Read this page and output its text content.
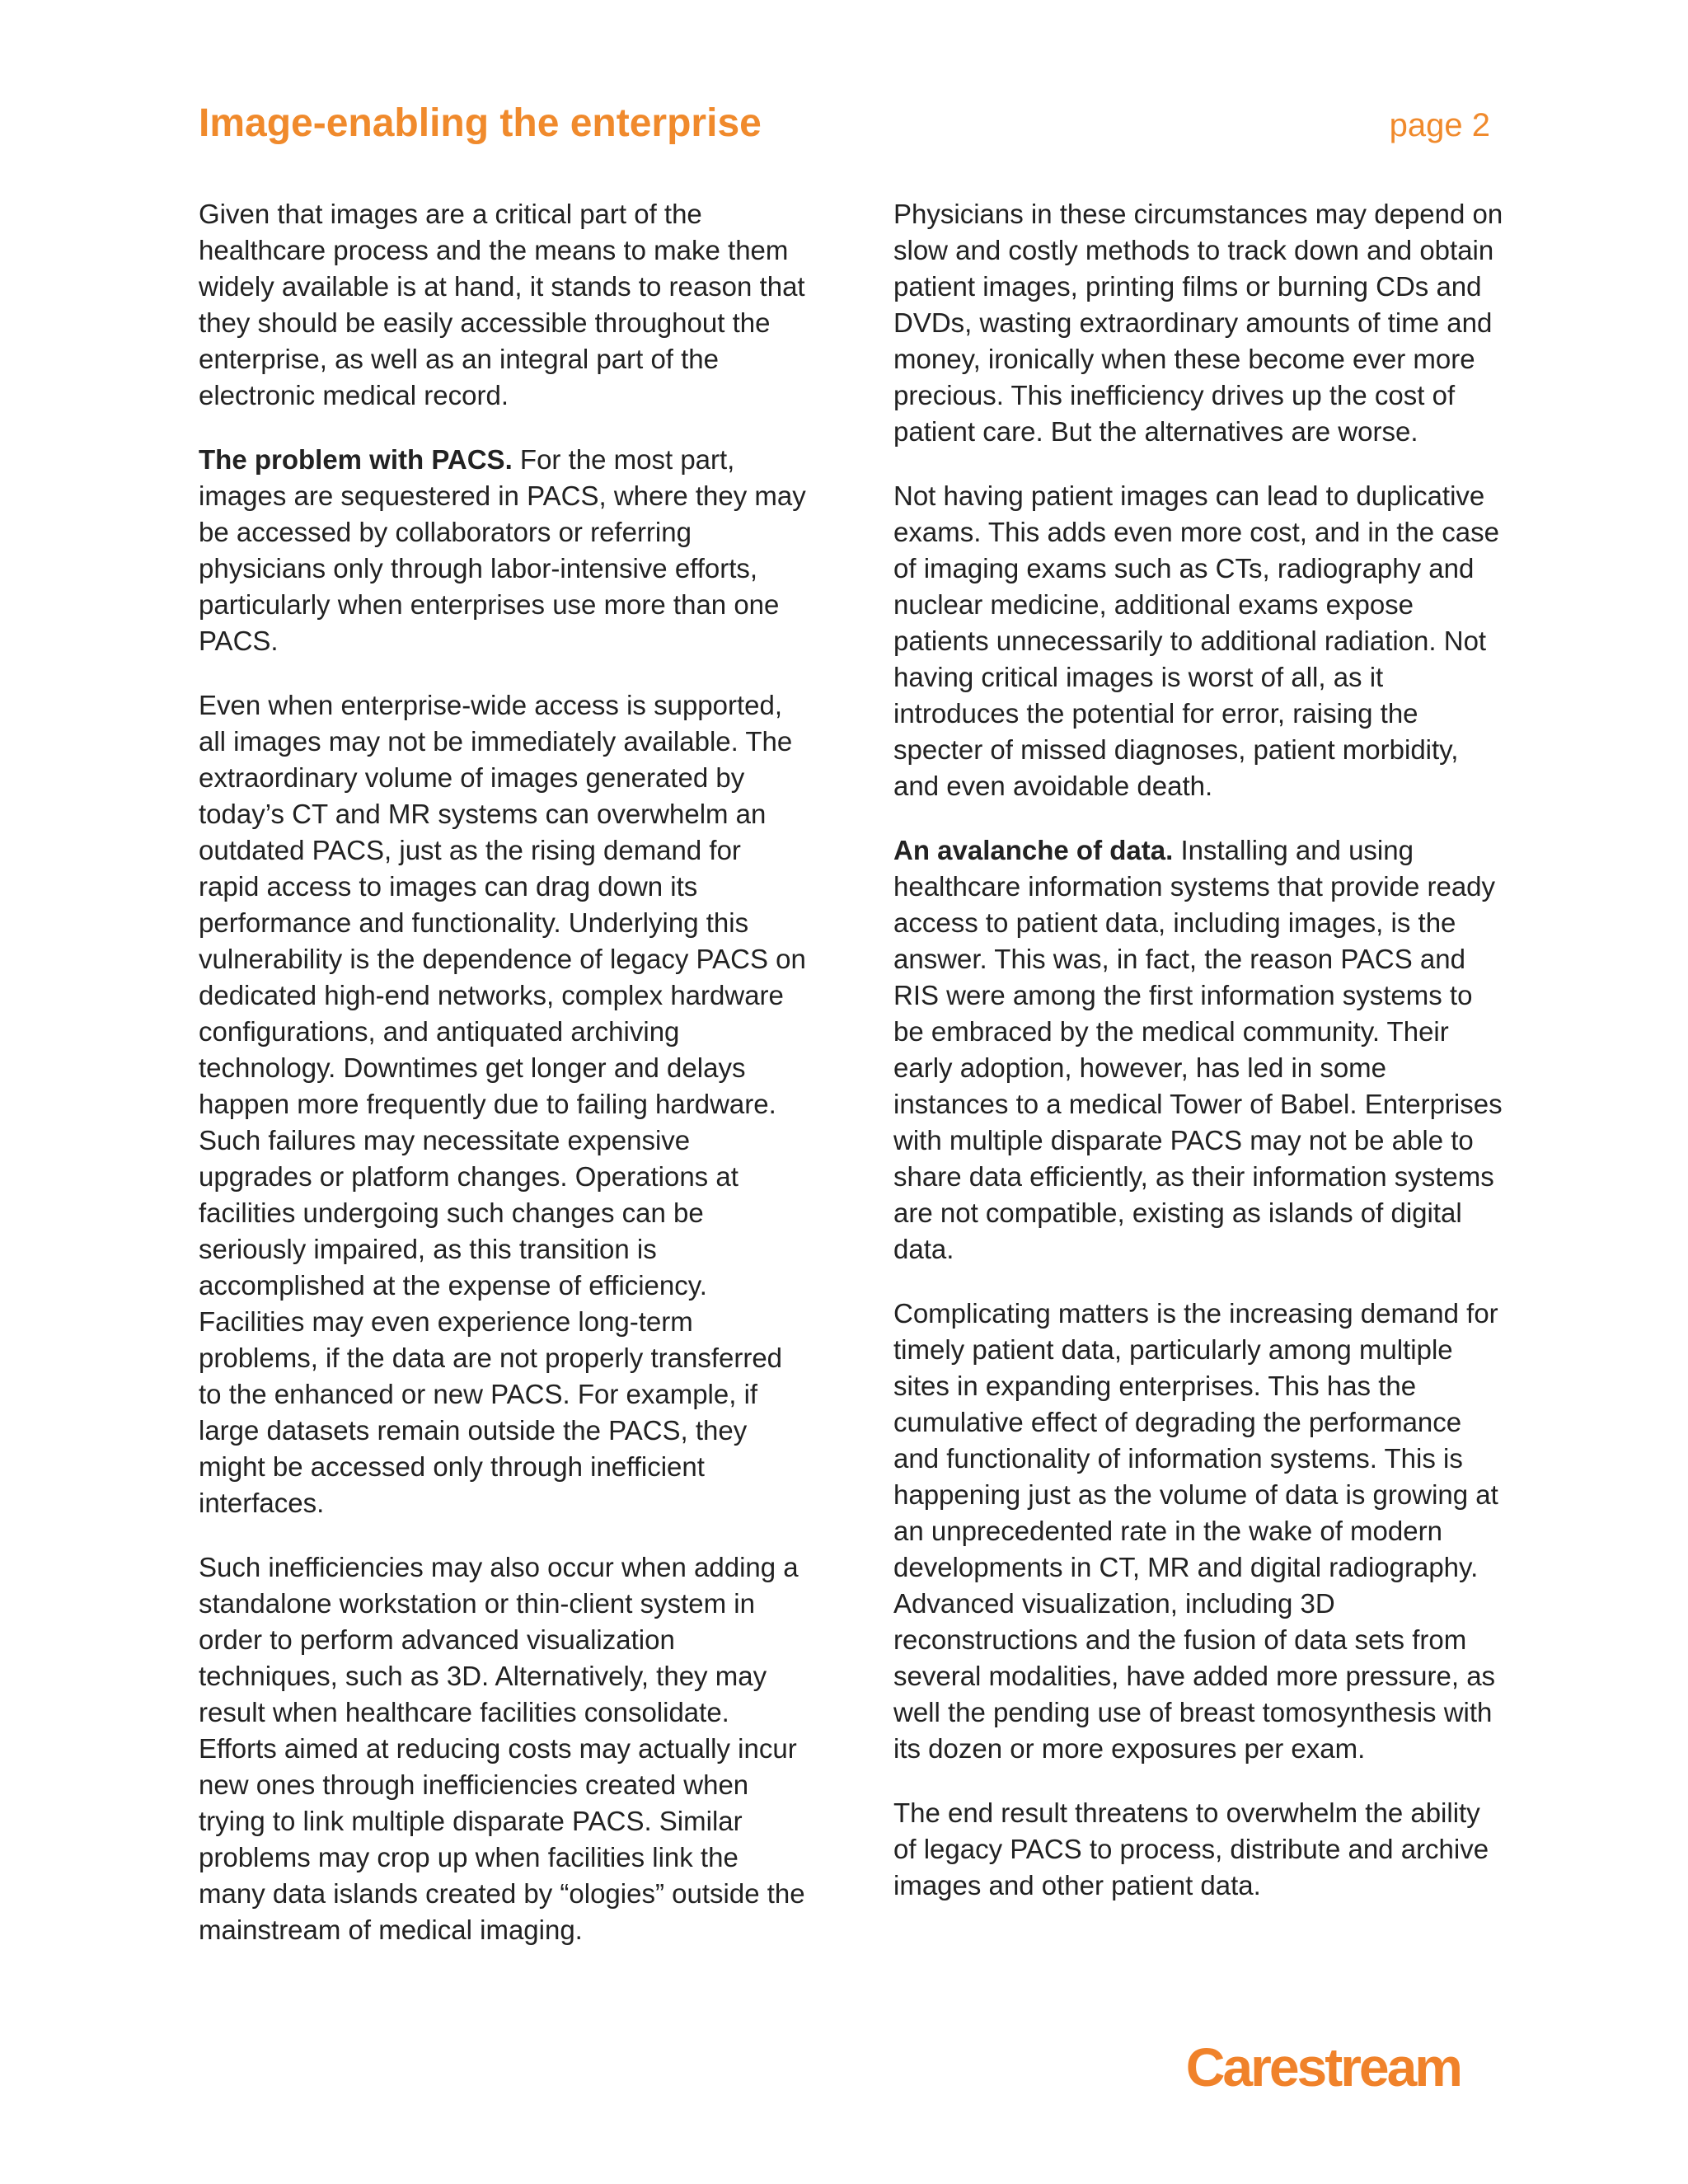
Image-enabling the enterprise	page 2

Given that images are a critical part of the healthcare process and the means to make them widely available is at hand, it stands to reason that they should be easily accessible throughout the enterprise, as well as an integral part of the electronic medical record.

The problem with PACS. For the most part, images are sequestered in PACS, where they may be accessed by collaborators or referring physicians only through labor-intensive efforts, particularly when enterprises use more than one PACS.

Even when enterprise-wide access is supported, all images may not be immediately available. The extraordinary volume of images generated by today’s CT and MR systems can overwhelm an outdated PACS, just as the rising demand for rapid access to images can drag down its performance and functionality. Underlying this vulnerability is the dependence of legacy PACS on dedicated high-end networks, complex hardware configurations, and antiquated archiving technology. Downtimes get longer and delays happen more frequently due to failing hardware. Such failures may necessitate expensive upgrades or platform changes. Operations at facilities undergoing such changes can be seriously impaired, as this transition is accomplished at the expense of efficiency. Facilities may even experience long-term problems, if the data are not properly transferred to the enhanced or new PACS. For example, if large datasets remain outside the PACS, they might be accessed only through inefficient interfaces.

Such inefficiencies may also occur when adding a standalone workstation or thin-client system in order to perform advanced visualization techniques, such as 3D. Alternatively, they may result when healthcare facilities consolidate. Efforts aimed at reducing costs may actually incur new ones through inefficiencies created when trying to link multiple disparate PACS. Similar problems may crop up when facilities link the many data islands created by “ologies” outside the mainstream of medical imaging.

Physicians in these circumstances may depend on slow and costly methods to track down and obtain patient images, printing films or burning CDs and DVDs, wasting extraordinary amounts of time and money, ironically when these become ever more precious. This inefficiency drives up the cost of patient care. But the alternatives are worse.

Not having patient images can lead to duplicative exams. This adds even more cost, and in the case of imaging exams such as CTs, radiography and nuclear medicine, additional exams expose patients unnecessarily to additional radiation. Not having critical images is worst of all, as it introduces the potential for error, raising the specter of missed diagnoses, patient morbidity, and even avoidable death.

An avalanche of data. Installing and using healthcare information systems that provide ready access to patient data, including images, is the answer. This was, in fact, the reason PACS and RIS were among the first information systems to be embraced by the medical community. Their early adoption, however, has led in some instances to a medical Tower of Babel. Enterprises with multiple disparate PACS may not be able to share data efficiently, as their information systems are not compatible, existing as islands of digital data.

Complicating matters is the increasing demand for timely patient data, particularly among multiple sites in expanding enterprises. This has the cumulative effect of degrading the performance and functionality of information systems. This is happening just as the volume of data is growing at an unprecedented rate in the wake of modern developments in CT, MR and digital radiography. Advanced visualization, including 3D reconstructions and the fusion of data sets from several modalities, have added more pressure, as well the pending use of breast tomosynthesis with its dozen or more exposures per exam.

The end result threatens to overwhelm the ability of legacy PACS to process, distribute and archive images and other patient data.

Carestream
